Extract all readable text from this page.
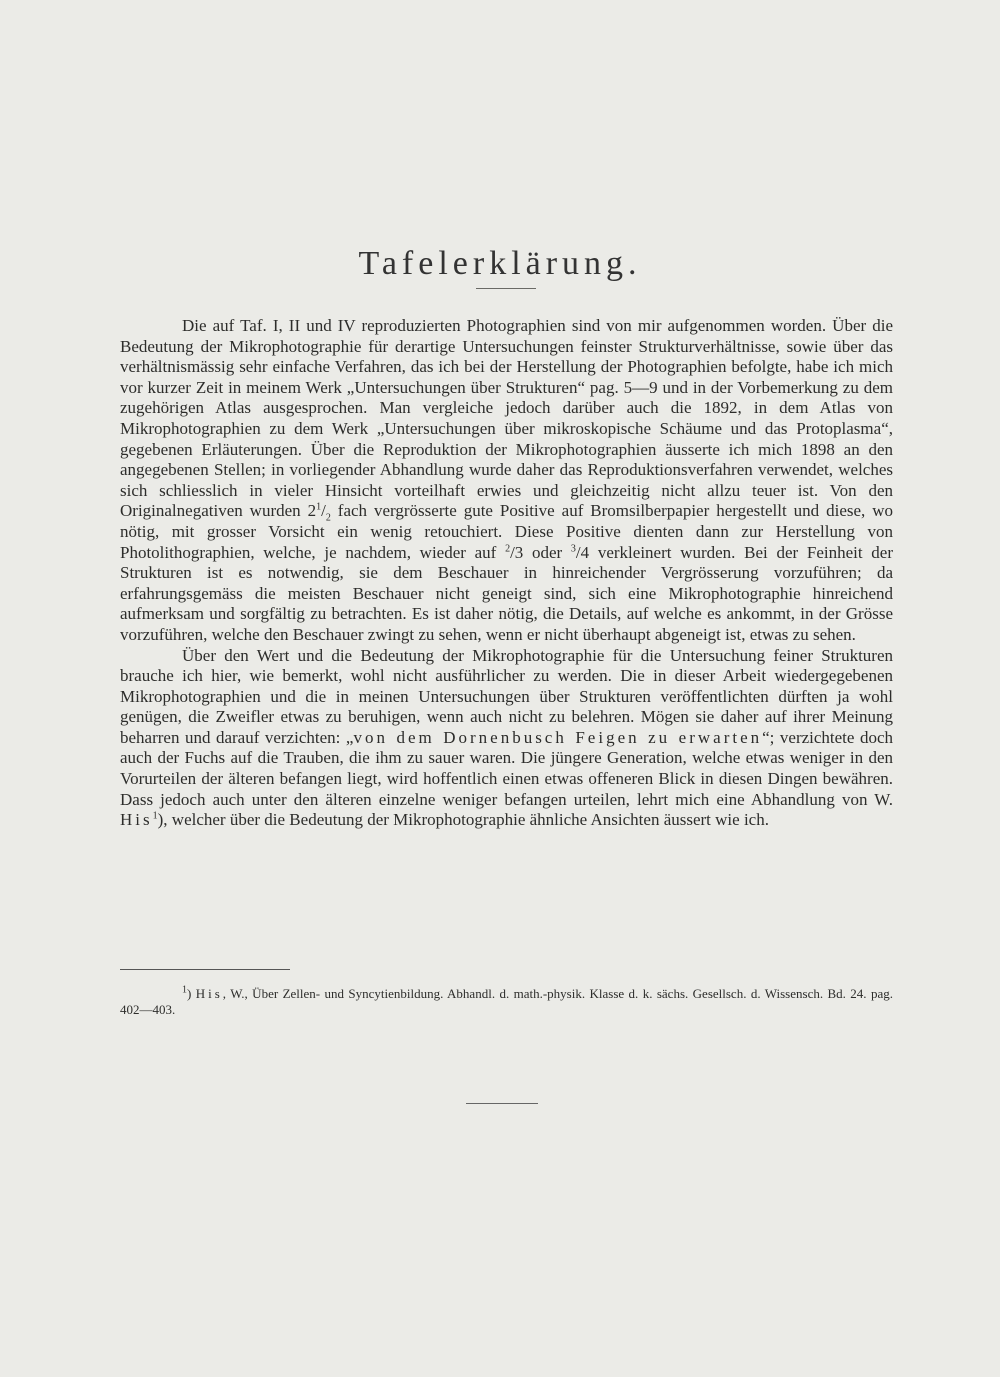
Tafelerklärung.

Die auf Taf. I, II und IV reproduzierten Photographien sind von mir aufgenommen worden. Über die Bedeutung der Mikrophotographie für derartige Untersuchungen feinster Strukturverhältnisse, sowie über das verhältnismässig sehr einfache Verfahren, das ich bei der Herstellung der Photographien befolgte, habe ich mich vor kurzer Zeit in meinem Werk „Untersuchungen über Strukturen“ pag. 5—9 und in der Vorbemerkung zu dem zugehörigen Atlas ausgesprochen. Man vergleiche jedoch darüber auch die 1892, in dem Atlas von Mikrophotographien zu dem Werk „Untersuchungen über mikroskopische Schäume und das Protoplasma“, gegebenen Erläuterungen. Über die Reproduktion der Mikrophotographien äusserte ich mich 1898 an den angegebenen Stellen; in vorliegender Abhandlung wurde daher das Reproduktionsverfahren verwendet, welches sich schliesslich in vieler Hinsicht vorteilhaft erwies und gleichzeitig nicht allzu teuer ist. Von den Originalnegativen wurden $2^1/_2$ fach vergrösserte gute Positive auf Bromsilberpapier hergestellt und diese, wo nötig, mit grosser Vorsicht ein wenig retouchiert. Diese Positive dienten dann zur Herstellung von Photolithographien, welche, je nachdem, wieder auf $^2$/3 oder $^3$/4 verkleinert wurden. Bei der Feinheit der Strukturen ist es notwendig, sie dem Beschauer in hinreichender Vergrösserung vorzuführen; da erfahrungsgemäss die meisten Beschauer nicht geneigt sind, sich eine Mikrophotographie hinreichend aufmerksam und sorgfältig zu betrachten. Es ist daher nötig, die Details, auf welche es ankommt, in der Grösse vorzuführen, welche den Beschauer zwingt zu sehen, wenn er nicht überhaupt abgeneigt ist, etwas zu sehen.

Über den Wert und die Bedeutung der Mikrophotographie für die Untersuchung feiner Strukturen brauche ich hier, wie bemerkt, wohl nicht ausführlicher zu werden. Die in dieser Arbeit wiedergegebenen Mikrophotographien und die in meinen Untersuchungen über Strukturen veröffentlichten dürften ja wohl genügen, die Zweifler etwas zu beruhigen, wenn auch nicht zu belehren. Mögen sie daher auf ihrer Meinung beharren und darauf verzichten: „von dem Dornenbusch Feigen zu erwarten“; verzichtete doch auch der Fuchs auf die Trauben, die ihm zu sauer waren. Die jüngere Generation, welche etwas weniger in den Vorurteilen der älteren befangen liegt, wird hoffentlich einen etwas offeneren Blick in diesen Dingen bewähren. Dass jedoch auch unter den älteren einzelne weniger befangen urteilen, lehrt mich eine Abhandlung von W. His$^1$), welcher über die Bedeutung der Mikrophotographie ähnliche Ansichten äussert wie ich.

$^1$) His, W., Über Zellen- und Syncytienbildung. Abhandl. d. math.-physik. Klasse d. k. sächs. Gesellsch. d. Wissensch. Bd. 24. pag. 402—403.
